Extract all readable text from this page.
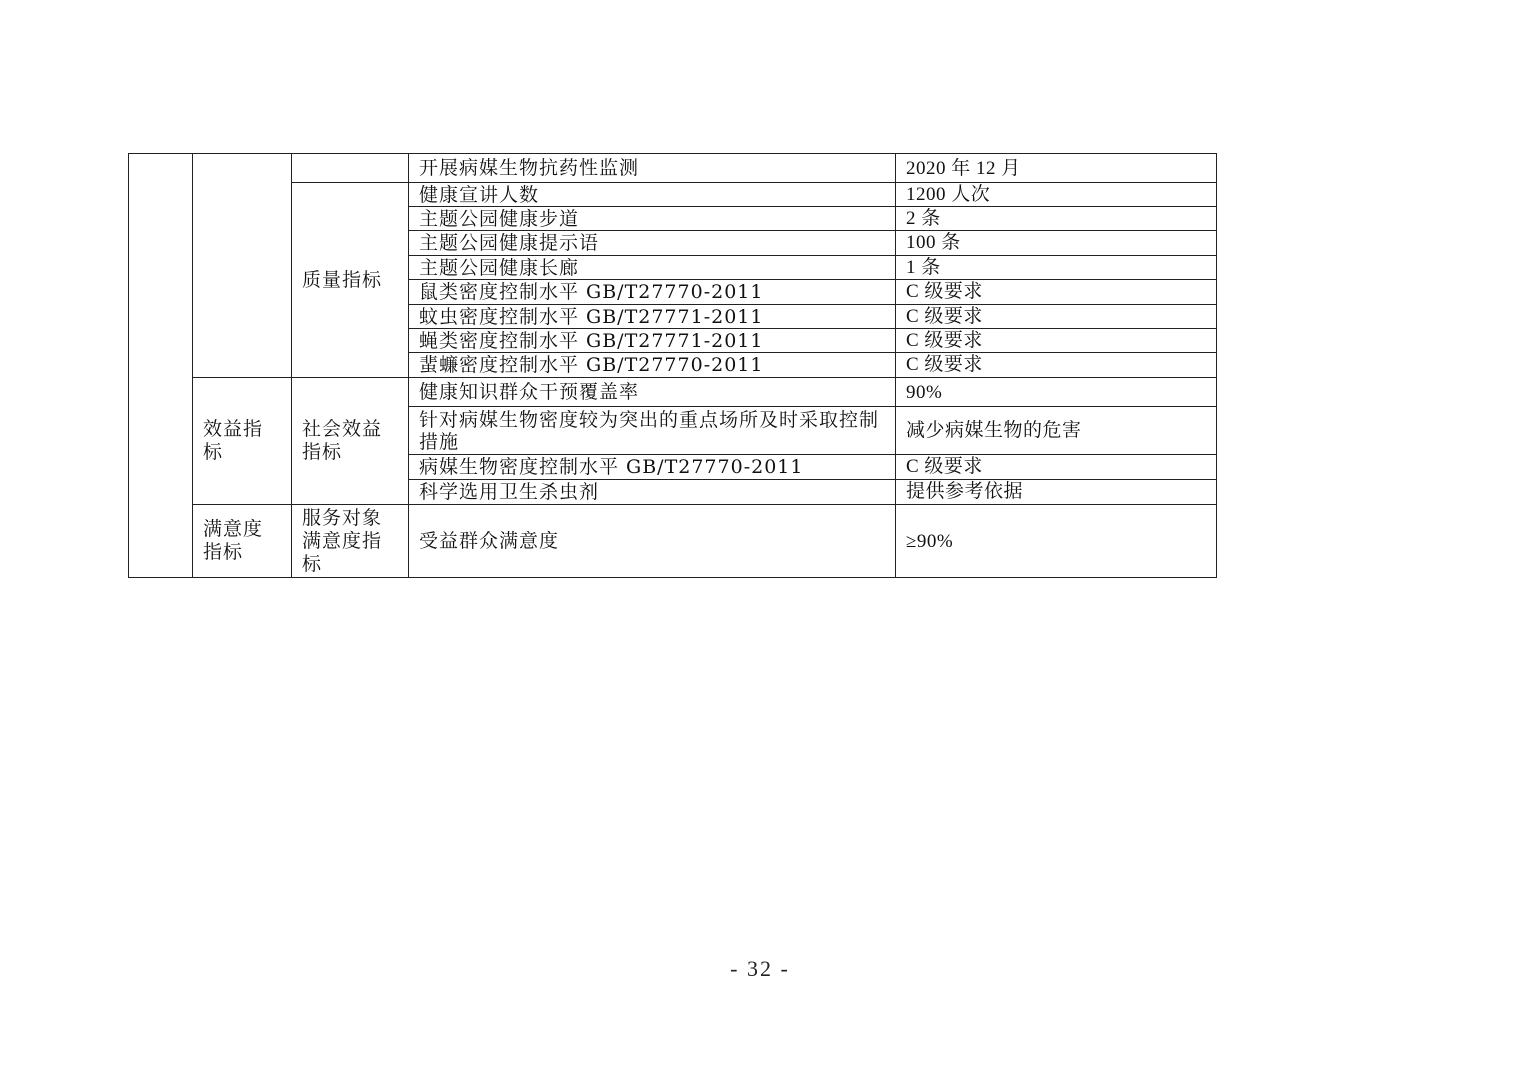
			开展病媒生物抗药性监测	2020 年 12 月
		质量指标	健康宣讲人数	1200 人次
			主题公园健康步道	2 条
			主题公园健康提示语	100 条
			主题公园健康长廊	1 条
			鼠类密度控制水平 GB/T27770-2011	C 级要求
			蚊虫密度控制水平 GB/T27771-2011	C 级要求
			蝇类密度控制水平 GB/T27771-2011	C 级要求
			蜚蠊密度控制水平 GB/T27770-2011	C 级要求
	效益指标	社会效益指标	健康知识群众干预覆盖率	90%
			针对病媒生物密度较为突出的重点场所及时采取控制措施	减少病媒生物的危害
			病媒生物密度控制水平 GB/T27770-2011	C 级要求
			科学选用卫生杀虫剂	提供参考依据
	满意度指标	服务对象满意度指标	受益群众满意度	≥90%
- 32 -
